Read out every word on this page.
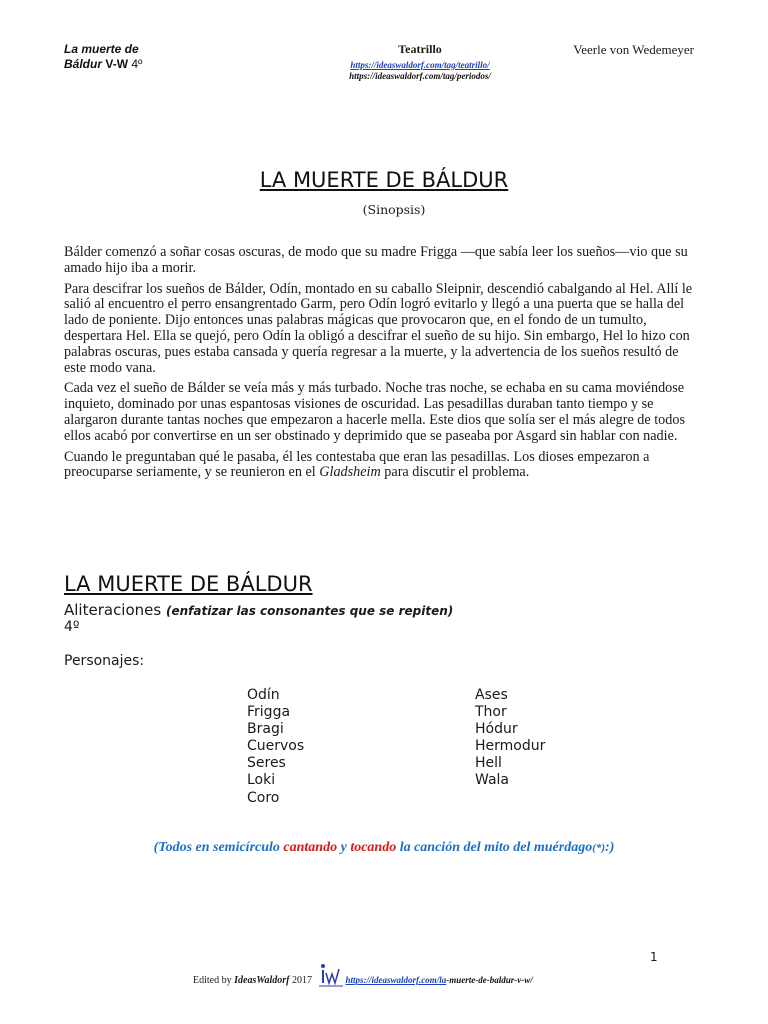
La muerte de
Báldur V-W 4º
Teatrillo
https://ideaswaldorf.com/tag/teatrillo/
https://ideaswaldorf.com/tag/periodos/
Veerle von Wedemeyer
LA MUERTE DE BÁLDUR
(Sinopsis)

Bálder comenzó a soñar cosas oscuras, de modo que su madre Frigga —que sabía leer los sueños—vio que su amado hijo iba a morir.

Para descifrar los sueños de Bálder, Odín, montado en su caballo Sleipnir, descendió cabalgando al Hel. Allí le salió al encuentro el perro ensangrentado Garm, pero Odín logró evitarlo y llegó a una puerta que se halla del lado de poniente. Dijo entonces unas palabras mágicas que provocaron que, en el fondo de un tumulto, despertara Hel. Ella se quejó, pero Odín la obligó a descifrar el sueño de su hijo. Sin embargo, Hel lo hizo con palabras oscuras, pues estaba cansada y quería regresar a la muerte, y la advertencia de los sueños resultó de este modo vana.

Cada vez el sueño de Bálder se veía más y más turbado. Noche tras noche, se echaba en su cama moviéndose inquieto, dominado por unas espantosas visiones de oscuridad. Las pesadillas duraban tanto tiempo y se alargaron durante tantas noches que empezaron a hacerle mella. Este dios que solía ser el más alegre de todos ellos acabó por convertirse en un ser obstinado y deprimido que se paseaba por Asgard sin hablar con nadie.

Cuando le preguntaban qué le pasaba, él les contestaba que eran las pesadillas. Los dioses empezaron a preocuparse seriamente, y se reunieron en el Gladsheim para discutir el problema.

LA MUERTE DE BÁLDUR
Aliteraciones (enfatizar las consonantes que se repiten)
4º
Personajes:
Odín
Frigga
Bragi
Cuervos
Seres
Loki
Coro
Ases
Thor
Hódur
Hermodur
Hell
Wala
(Todos en semicírculo cantando y tocando la canción del mito del muérdago(*):)
1
Edited by IdeasWaldorf 2017	https://ideaswaldorf.com/la-muerte-de-baldur-v-w/
